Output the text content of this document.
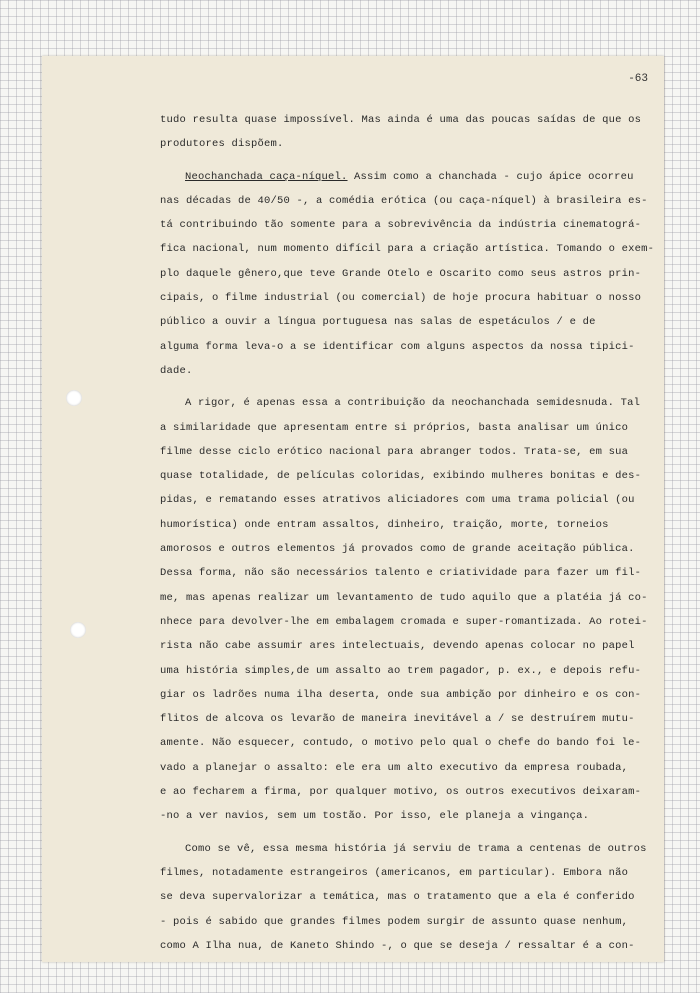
-63
tudo resulta quase impossível. Mas ainda é uma das poucas saídas de que os
produtores dispõem.
Neochanchada caça-níquel. Assim como a chanchada - cujo ápice ocorreu
nas décadas de 40/50 -, a comédia erótica (ou caça-níquel) à brasileira es-
tá contribuindo tão somente para a sobrevivência da indústria cinematográ-
fica nacional, num momento difícil para a criação artística. Tomando o exem-
plo daquele gênero,que teve Grande Otelo e Oscarito como seus astros prin-
cipais, o filme industrial (ou comercial) de hoje procura habituar o nosso
público a ouvir a língua portuguesa nas salas de espetáculos / e de
alguma forma leva-o a se identificar com alguns aspectos da nossa tipici-
dade.
A rigor, é apenas essa a contribuição da neochanchada semidesnuda. Tal
a similaridade que apresentam entre si próprios, basta analisar um único
filme desse ciclo erótico nacional para abranger todos. Trata-se, em sua
quase totalidade, de películas coloridas, exibindo mulheres bonitas e des-
pidas, e rematando esses atrativos aliciadores com uma trama policial (ou
humorística) onde entram assaltos, dinheiro, traição, morte, torneios
amorosos e outros elementos já provados como de grande aceitação pública.
Dessa forma, não são necessários talento e criatividade para fazer um fil-
me, mas apenas realizar um levantamento de tudo aquilo que a platéia já co-
nhece para devolver-lhe em embalagem cromada e super-romantizada. Ao rotei-
rista não cabe assumir ares intelectuais, devendo apenas colocar no papel
uma história simples,de um assalto ao trem pagador, p. ex., e depois refu-
giar os ladrões numa ilha deserta, onde sua ambição por dinheiro e os con-
flitos de alcova os levarão de maneira inevitável a / se destruírem mutu-
amente. Não esquecer, contudo, o motivo pelo qual o chefe do bando foi le-
vado a planejar o assalto: ele era um alto executivo da empresa roubada,
e ao fecharem a firma, por qualquer motivo, os outros executivos deixaram-
-no a ver navios, sem um tostão. Por isso, ele planeja a vingança.
Como se vê, essa mesma história já serviu de trama a centenas de outros
filmes, notadamente estrangeiros (americanos, em particular). Embora não
se deva supervalorizar a temática, mas o tratamento que a ela é conferido
- pois é sabido que grandes filmes podem surgir de assunto quase nenhum,
como A Ilha nua, de Kaneto Shindo -, o que se deseja / ressaltar é a con-
